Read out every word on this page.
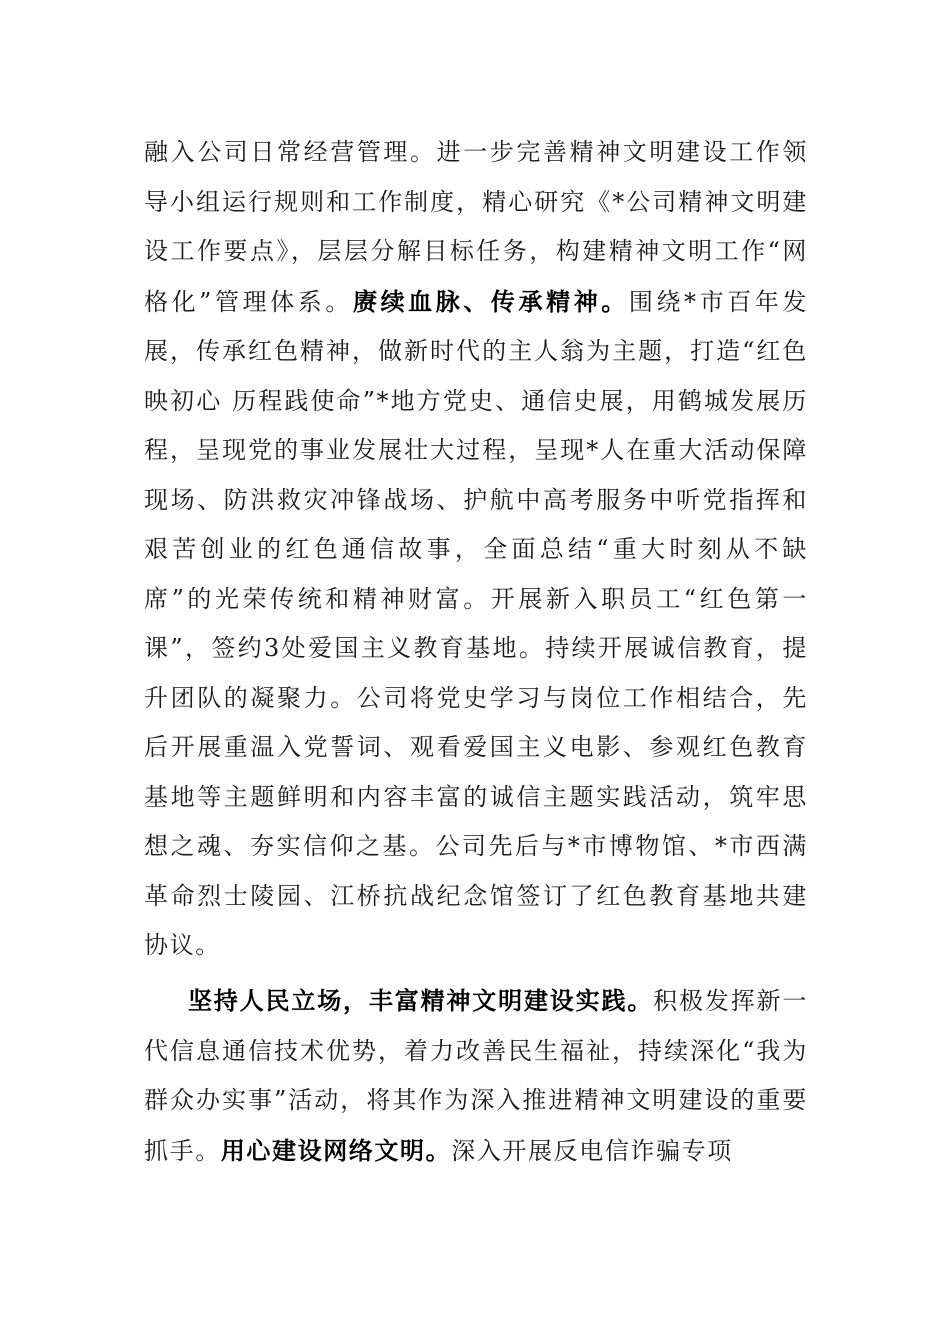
融入公司日常经营管理。进一步完善精神文明建设工作领导小组运行规则和工作制度，精心研究《*公司精神文明建设工作要点》，层层分解目标任务，构建精神文明工作“网格化”管理体系。赓续血脉、传承精神。围绕*市百年发展，传承红色精神，做新时代的主人翁为主题，打造“红色映初心 历程践使命”*地方党史、通信史展，用鹤城发展历程，呈现党的事业发展壮大过程，呈现*人在重大活动保障现场、防洪救灾冲锋战场、护航中高考服务中听党指挥和艰苦创业的红色通信故事，全面总结“重大时刻从不缺席”的光荣传统和精神财富。开展新入职员工“红色第一课”，签约3处爱国主义教育基地。持续开展诚信教育，提升团队的凝聚力。公司将党史学习与岗位工作相结合，先后开展重温入党誓词、观看爱国主义电影、参观红色教育基地等主题鲜明和内容丰富的诚信主题实践活动，筑牢思想之魂、夯实信仰之基。公司先后与*市博物馆、*市西满革命烈士陵园、江桥抗战纪念馆签订了红色教育基地共建协议。

坚持人民立场，丰富精神文明建设实践。积极发挥新一代信息通信技术优势，着力改善民生福祉，持续深化“我为群众办实事”活动，将其作为深入推进精神文明建设的重要抓手。用心建设网络文明。深入开展反电信诈骗专项
